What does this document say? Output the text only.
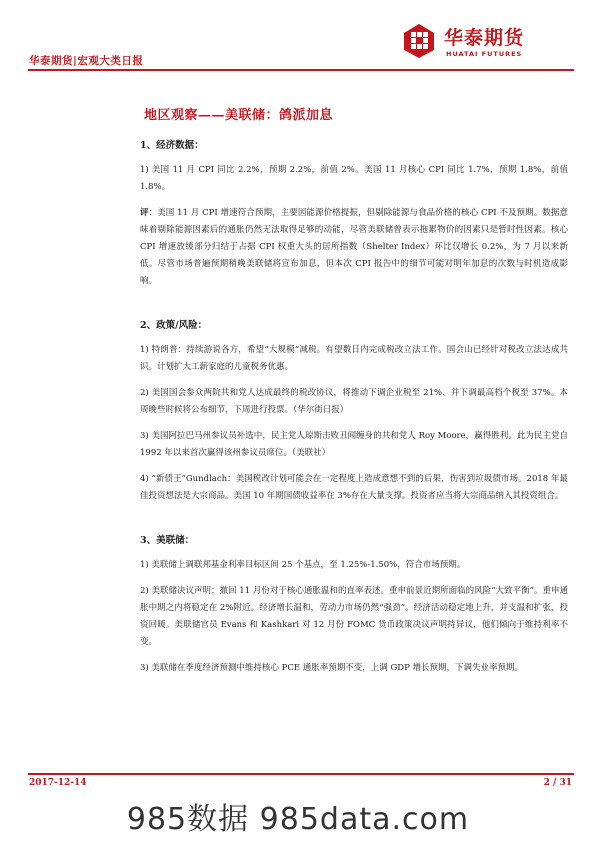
华泰期货|宏观大类日报
华泰期货
HUATAI FUTURES
地区观察——美联储：鸽派加息
1、经济数据：

1) 美国 11 月 CPI 同比 2.2%，预期 2.2%，前值 2%。美国 11 月核心 CPI 同比 1.7%，预期 1.8%，前值 1.8%。

评：美国 11 月 CPI 增速符合预期，主要因能源价格提振，但剔除能源与食品价格的核心 CPI 不及预期。数据意味着剔除能源因素后的通胀仍然无法取得足够的动能，尽管美联储曾表示拖累物价的因素只是暂时性因素。核心 CPI 增速放缓部分归结于占据 CPI 权重大头的居所指数（Shelter Index）环比仅增长 0.2%，为 7 月以来新低。尽管市场普遍预期稍晚美联储将宣布加息，但本次 CPI 报告中的细节可能对明年加息的次数与时机造成影响。

2、政策/风险：

1) 特朗普：持续游说各方，希望“大规模”减税。有望数日内完成税改立法工作。国会山已经针对税改立法达成共识。计划扩大工薪家庭的儿童税务优惠。

2) 美国国会参众两院共和党人达成最终的税改协议，将推动下调企业税至 21%、并下调最高档个税至 37%。本周晚些时候将公布细节，下周进行投票。（华尔街日报）

3) 美国阿拉巴马州参议员补选中，民主党人琼斯击败丑闻缠身的共和党人 Roy Moore，赢得胜利。此为民主党自 1992 年以来首次赢得该州参议员席位。（美联社）

4) “新债王”Gundlach：美国税改计划可能会在一定程度上造成意想不到的后果，伤害到垃圾债市场。2018 年最佳投资想法是大宗商品。美国 10 年期国债收益率在 3%存在大量支撑。投资者应当将大宗商品纳入其投资组合。

3、美联储：

1) 美联储上调联邦基金利率目标区间 25 个基点，至 1.25%-1.50%，符合市场预期。

2) 美联储决议声明：撤回 11 月份对于核心通胀温和的直率表述。重申前景近期所面临的风险“大致平衡”。重申通胀中期之内将稳定在 2%附近。经济增长温和，劳动力市场仍然“强劲”。经济活动稳定地上升，并支温和扩张，投资回暖。美联储官员 Evans 和 Kashkari 对 12 月份 FOMC 货币政策决议声明持异议，他们倾向于维持利率不变。

3) 美联储在季度经济预测中维持核心 PCE 通胀率预期不变，上调 GDP 增长预期，下调失业率预期。

2017-12-14	2 / 31
985数据 985data.com
